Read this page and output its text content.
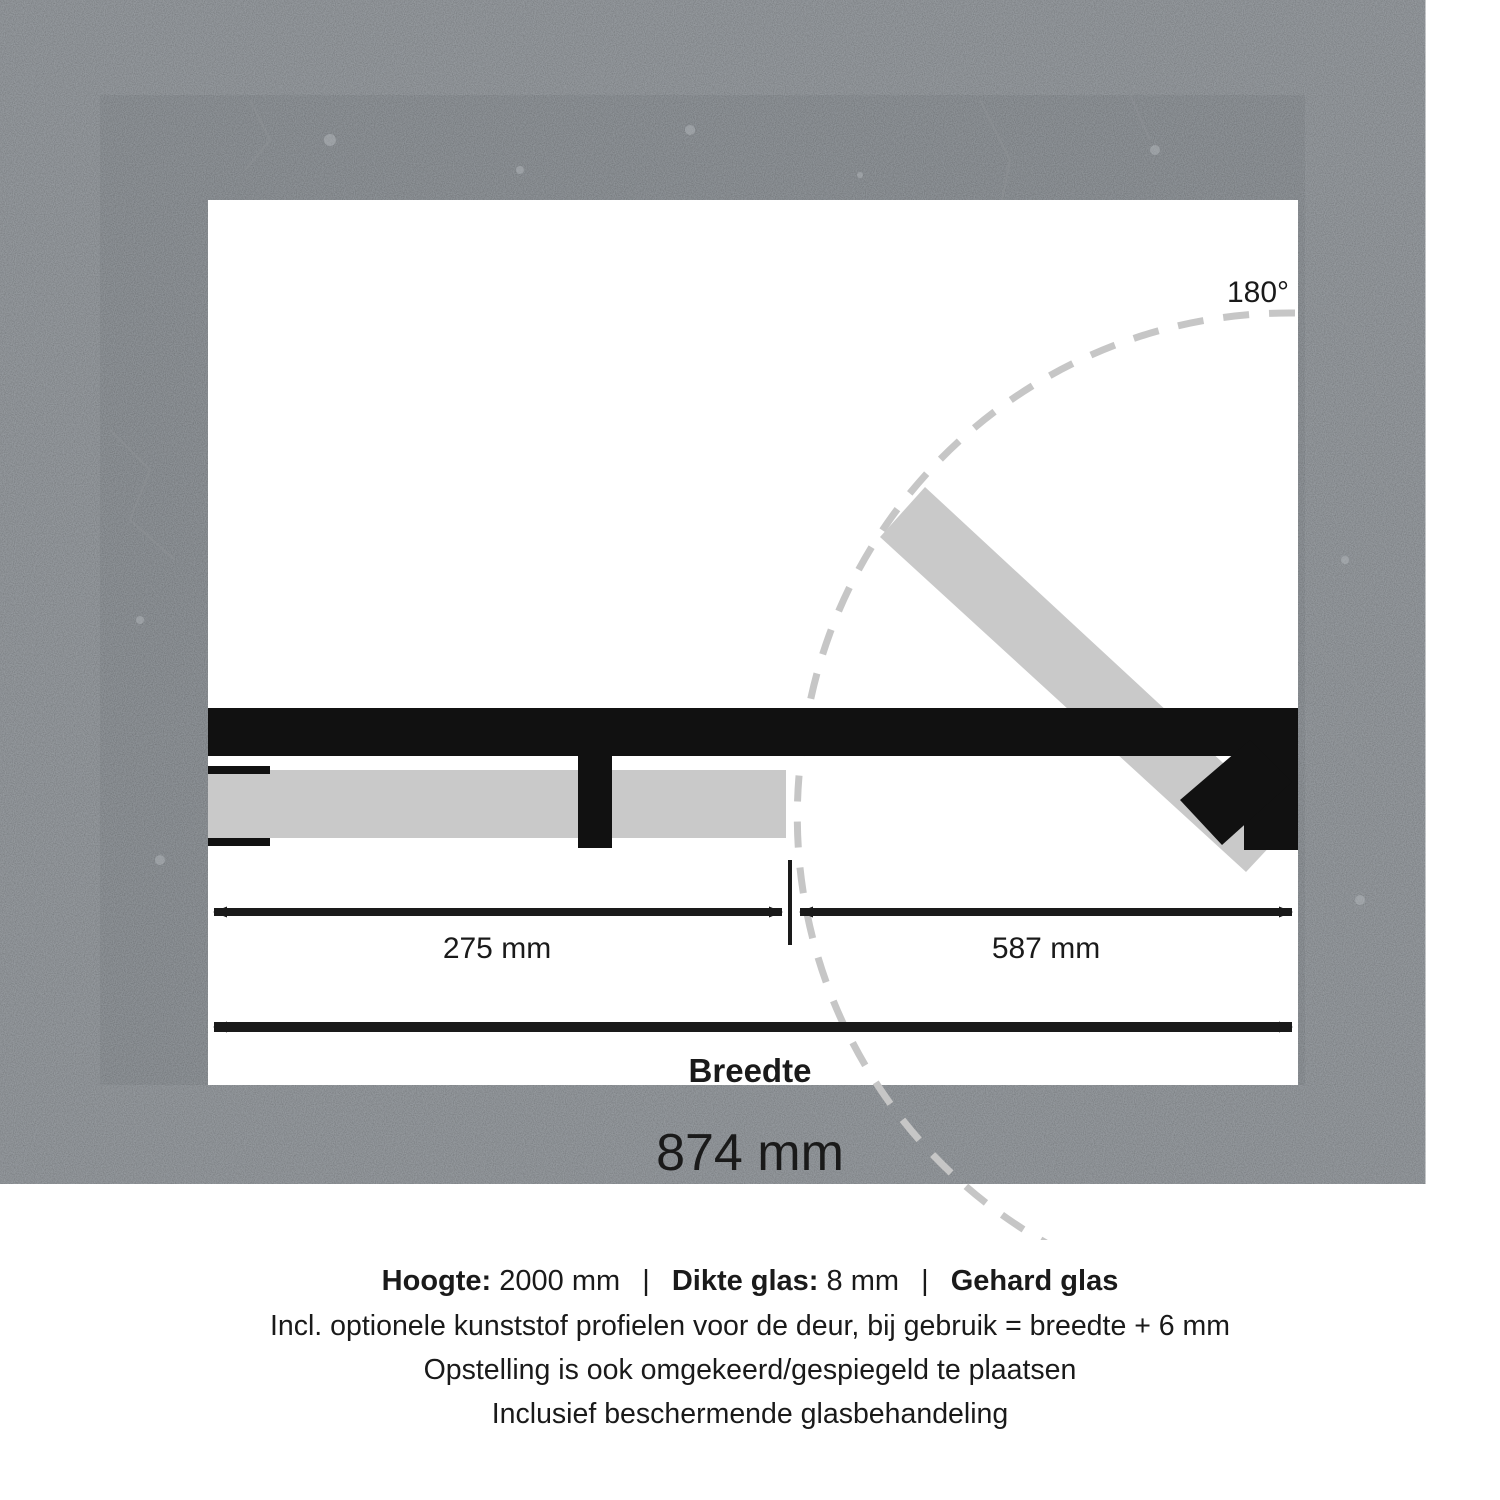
275 mm	587 mm
180°
Breedte
874 mm
Hoogte: 2000 mm | Dikte glas: 8 mm | Gehard glas
Incl. optionele kunststof profielen voor de deur, bij gebruik = breedte + 6 mm
Opstelling is ook omgekeerd/gespiegeld te plaatsen
Inclusief beschermende glasbehandeling
